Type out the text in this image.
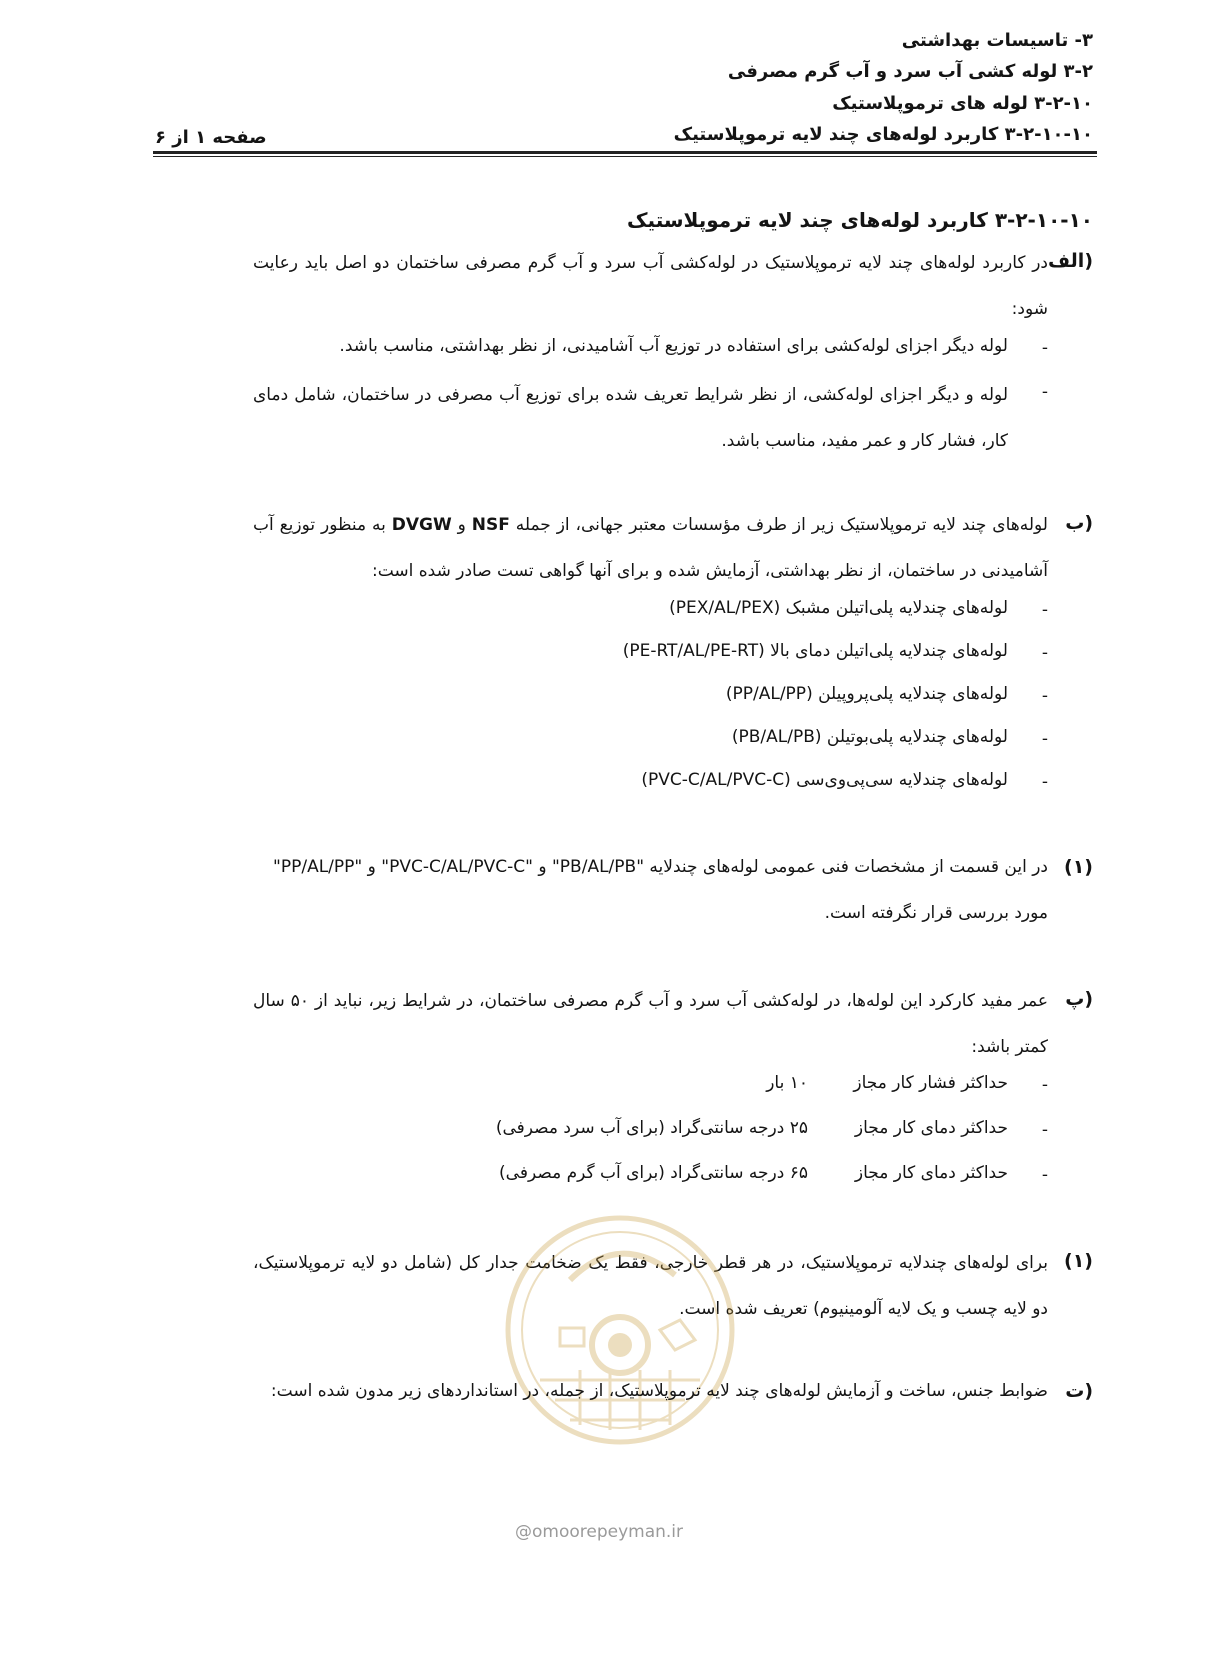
۳- تاسیسات بهداشتی
۳-۲ لوله کشی آب سرد و آب گرم مصرفی
۳-۲-۱۰ لوله های ترموپلاستیک
۳-۲-۱۰-۱۰ کاربرد لوله‌های چند لایه ترموپلاستیک
صفحه ۱ از ۶
۳-۲-۱۰-۱۰ کاربرد لوله‌های چند لایه ترموپلاستیک
الف)
در کاربرد لوله‌های چند لایه ترموپلاستیک در لوله‌کشی آب سرد و آب گرم مصرفی ساختمان دو اصل باید رعایت شود:
-
لوله دیگر اجزای لوله‌کشی برای استفاده در توزیع آب آشامیدنی، از نظر بهداشتی، مناسب باشد.
-
لوله و دیگر اجزای لوله‌کشی، از نظر شرایط تعریف شده برای توزیع آب مصرفی در ساختمان، شامل دمای کار، فشار کار و عمر مفید، مناسب باشد.
ب)
لوله‌های چند لایه ترموپلاستیک زیر از طرف مؤسسات معتبر جهانی، از جمله NSF و DVGW به منظور توزیع آب آشامیدنی در ساختمان، از نظر بهداشتی، آزمایش شده و برای آنها گواهی تست صادر شده است:
-
لوله‌های چندلایه پلی‌اتیلن مشبک (PEX/AL/PEX)
-
لوله‌های چندلایه پلی‌اتیلن دمای بالا (PE-RT/AL/PE-RT)
-
لوله‌های چندلایه پلی‌پروپیلن (PP/AL/PP)
-
لوله‌های چندلایه پلی‌بوتیلن (PB/AL/PB)
-
لوله‌های چندلایه سی‌پی‌وی‌سی (PVC-C/AL/PVC-C)
(۱)
در این قسمت از مشخصات فنی عمومی لوله‌های چندلایه "PB/AL/PB" و "PVC-C/AL/PVC-C" و "PP/AL/PP"
مورد بررسی قرار نگرفته است.
پ)
عمر مفید کارکرد این لوله‌ها، در لوله‌کشی آب سرد و آب گرم مصرفی ساختمان، در شرایط زیر، نباید از ۵۰ سال کمتر باشد:
-
حداکثر فشار کار مجاز
۱۰ بار
-
حداکثر دمای کار مجاز
۲۵ درجه سانتی‌گراد (برای آب سرد مصرفی)
-
حداکثر دمای کار مجاز
۶۵ درجه سانتی‌گراد (برای آب گرم مصرفی)
(۱)
برای لوله‌های چندلایه ترموپلاستیک، در هر قطر خارجی، فقط یک ضخامت جدار کل (شامل دو لایه ترموپلاستیک، دو لایه چسب و یک لایه آلومینیوم) تعریف شده است.
ت)
ضوابط جنس، ساخت و آزمایش لوله‌های چند لایه ترموپلاستیک، از جمله، در استانداردهای زیر مدون شده است:
@omoorepeyman.ir
